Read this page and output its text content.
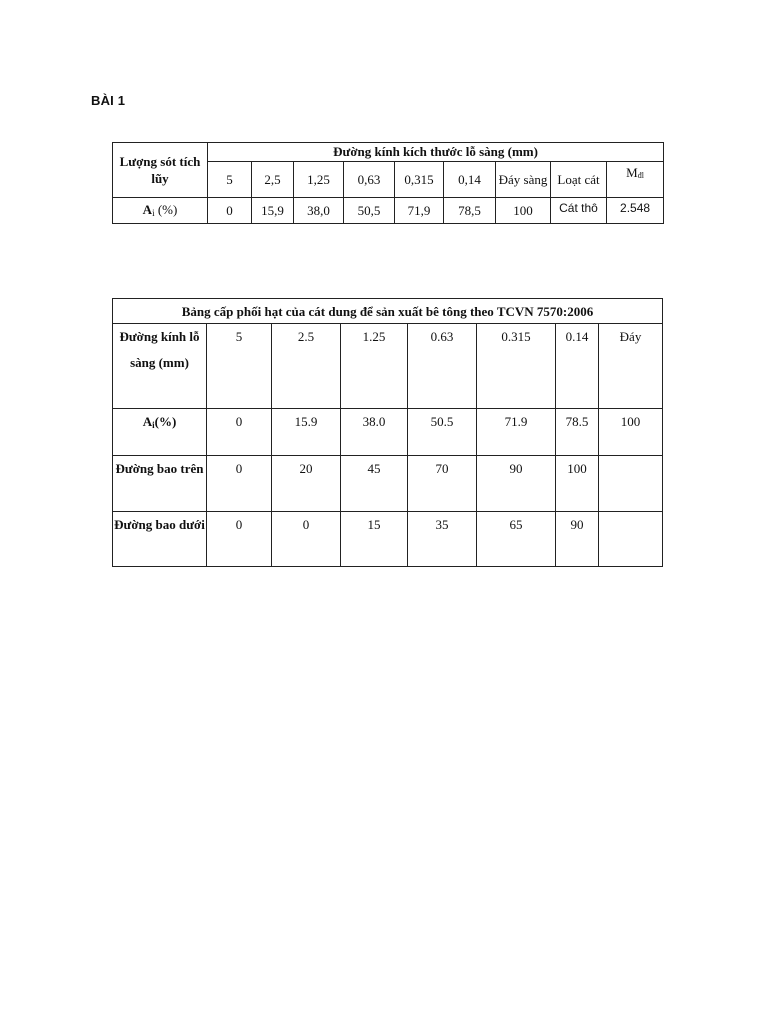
BÀI 1
Lượng sót tích lũy	Đường kính kích thước lỗ sàng (mm)								
	5	2,5	1,25	0,63	0,315	0,14	Đáy sàng	Loạt cát	Mđl
Ai (%)	0	15,9	38,0	50,5	71,9	78,5	100	Cát thô	2.548
Bảng cấp phối hạt của cát dung để sản xuất bê tông theo TCVN 7570:2006							
Đường kính lỗ sàng (mm)	5	2.5	1.25	0.63	0.315	0.14	Đáy
Ai(%)	0	15.9	38.0	50.5	71.9	78.5	100
Đường bao trên	0	20	45	70	90	100	
Đường bao dưới	0	0	15	35	65	90	
